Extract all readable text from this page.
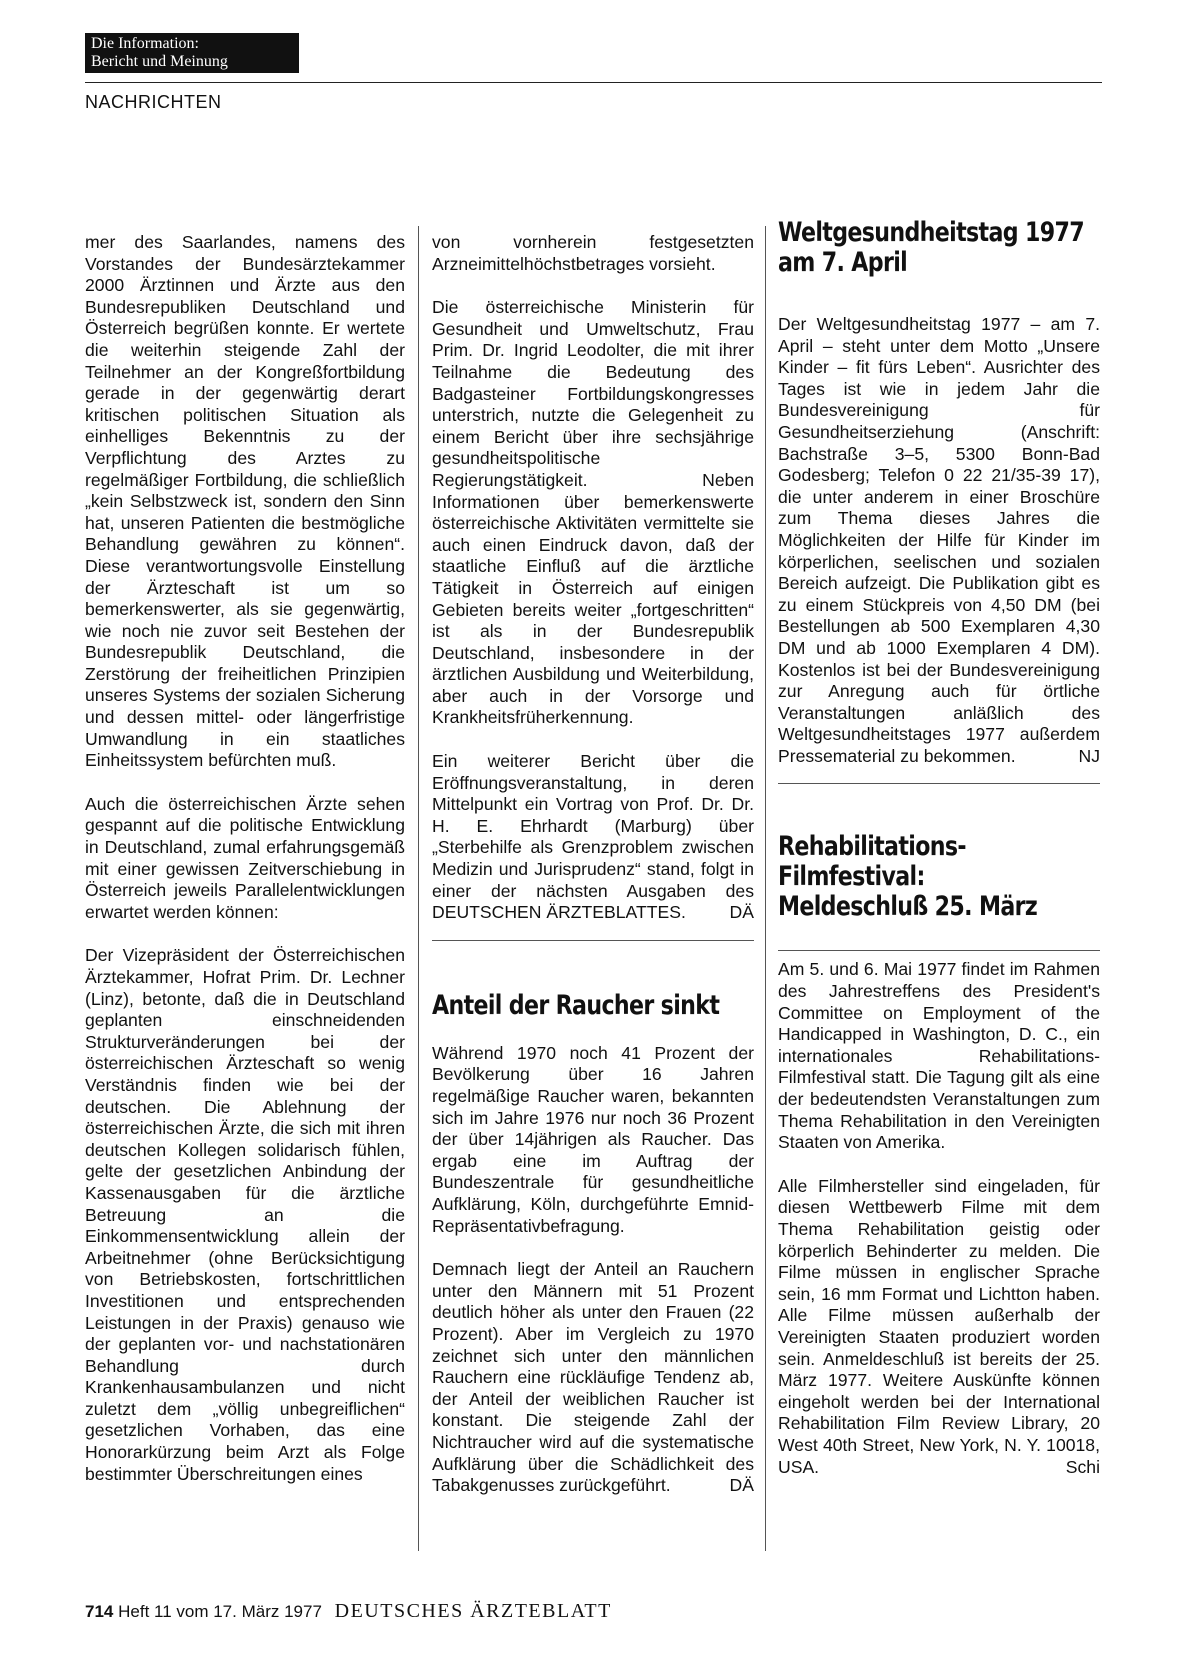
Die Information:
Bericht und Meinung
NACHRICHTEN

mer des Saarlandes, namens des Vorstandes der Bundesärztekammer 2000 Ärztinnen und Ärzte aus den Bundesrepubliken Deutschland und Österreich begrüßen konnte. Er wertete die weiterhin steigende Zahl der Teilnehmer an der Kongreßfortbildung gerade in der gegenwärtig derart kritischen politischen Situation als einhelliges Bekenntnis zu der Verpflichtung des Arztes zu regelmäßiger Fortbildung, die schließlich „kein Selbstzweck ist, sondern den Sinn hat, unseren Patienten die bestmögliche Behandlung gewähren zu können“. Diese verantwortungsvolle Einstellung der Ärzteschaft ist um so bemerkenswerter, als sie gegenwärtig, wie noch nie zuvor seit Bestehen der Bundesrepublik Deutschland, die Zerstörung der freiheitlichen Prinzipien unseres Systems der sozialen Sicherung und dessen mittel- oder längerfristige Umwandlung in ein staatliches Einheitssystem befürchten muß.

Auch die österreichischen Ärzte sehen gespannt auf die politische Entwicklung in Deutschland, zumal erfahrungsgemäß mit einer gewissen Zeitverschiebung in Österreich jeweils Parallelentwicklungen erwartet werden können:

Der Vizepräsident der Österreichischen Ärztekammer, Hofrat Prim. Dr. Lechner (Linz), betonte, daß die in Deutschland geplanten einschneidenden Strukturveränderungen bei der österreichischen Ärzteschaft so wenig Verständnis finden wie bei der deutschen. Die Ablehnung der österreichischen Ärzte, die sich mit ihren deutschen Kollegen solidarisch fühlen, gelte der gesetzlichen Anbindung der Kassenausgaben für die ärztliche Betreuung an die Einkommensentwicklung allein der Arbeitnehmer (ohne Berücksichtigung von Betriebskosten, fortschrittlichen Investitionen und entsprechenden Leistungen in der Praxis) genauso wie der geplanten vor- und nachstationären Behandlung durch Krankenhausambulanzen und nicht zuletzt dem „völlig unbegreiflichen“ gesetzlichen Vorhaben, das eine Honorarkürzung beim Arzt als Folge bestimmter Überschreitungen eines

von vornherein festgesetzten Arzneimittelhöchstbetrages vorsieht.

Die österreichische Ministerin für Gesundheit und Umweltschutz, Frau Prim. Dr. Ingrid Leodolter, die mit ihrer Teilnahme die Bedeutung des Badgasteiner Fortbildungskongresses unterstrich, nutzte die Gelegenheit zu einem Bericht über ihre sechsjährige gesundheitspolitische Regierungstätigkeit. Neben Informationen über bemerkenswerte österreichische Aktivitäten vermittelte sie auch einen Eindruck davon, daß der staatliche Einfluß auf die ärztliche Tätigkeit in Österreich auf einigen Gebieten bereits weiter „fortgeschritten“ ist als in der Bundesrepublik Deutschland, insbesondere in der ärztlichen Ausbildung und Weiterbildung, aber auch in der Vorsorge und Krankheitsfrüherkennung.

Ein weiterer Bericht über die Eröffnungsveranstaltung, in deren Mittelpunkt ein Vortrag von Prof. Dr. Dr. H. E. Ehrhardt (Marburg) über „Sterbehilfe als Grenzproblem zwischen Medizin und Jurisprudenz“ stand, folgt in einer der nächsten Ausgaben des DEUTSCHEN ÄRZTEBLATTES. DÄ

Anteil der Raucher sinkt

Während 1970 noch 41 Prozent der Bevölkerung über 16 Jahren regelmäßige Raucher waren, bekannten sich im Jahre 1976 nur noch 36 Prozent der über 14jährigen als Raucher. Das ergab eine im Auftrag der Bundeszentrale für gesundheitliche Aufklärung, Köln, durchgeführte Emnid-Repräsentativbefragung.

Demnach liegt der Anteil an Rauchern unter den Männern mit 51 Prozent deutlich höher als unter den Frauen (22 Prozent). Aber im Vergleich zu 1970 zeichnet sich unter den männlichen Rauchern eine rückläufige Tendenz ab, der Anteil der weiblichen Raucher ist konstant. Die steigende Zahl der Nichtraucher wird auf die systematische Aufklärung über die Schädlichkeit des Tabakgenusses zurückgeführt.	DÄ

Weltgesundheitstag 1977
am 7. April

Der Weltgesundheitstag 1977 – am 7. April – steht unter dem Motto „Unsere Kinder – fit fürs Leben“. Ausrichter des Tages ist wie in jedem Jahr die Bundesvereinigung für Gesundheitserziehung (Anschrift: Bachstraße 3–5, 5300 Bonn-Bad Godesberg; Telefon 0 22 21/35-39 17), die unter anderem in einer Broschüre zum Thema dieses Jahres die Möglichkeiten der Hilfe für Kinder im körperlichen, seelischen und sozialen Bereich aufzeigt. Die Publikation gibt es zu einem Stückpreis von 4,50 DM (bei Bestellungen ab 500 Exemplaren 4,30 DM und ab 1000 Exemplaren 4 DM). Kostenlos ist bei der Bundesvereinigung zur Anregung auch für örtliche Veranstaltungen anläßlich des Weltgesundheitstages 1977 außerdem Pressematerial zu bekommen.	NJ

Rehabilitations-
Filmfestival:
Meldeschluß 25. März

Am 5. und 6. Mai 1977 findet im Rahmen des Jahrestreffens des President's Committee on Employment of the Handicapped in Washington, D. C., ein internationales Rehabilitations-Filmfestival statt. Die Tagung gilt als eine der bedeutendsten Veranstaltungen zum Thema Rehabilitation in den Vereinigten Staaten von Amerika.

Alle Filmhersteller sind eingeladen, für diesen Wettbewerb Filme mit dem Thema Rehabilitation geistig oder körperlich Behinderter zu melden. Die Filme müssen in englischer Sprache sein, 16 mm Format und Lichtton haben. Alle Filme müssen außerhalb der Vereinigten Staaten produziert worden sein. Anmeldeschluß ist bereits der 25. März 1977. Weitere Auskünfte können eingeholt werden bei der International Rehabilitation Film Review Library, 20 West 40th Street, New York, N. Y. 10018, USA.	Schi

714 Heft 11 vom 17. März 1977 DEUTSCHES ÄRZTEBLATT
